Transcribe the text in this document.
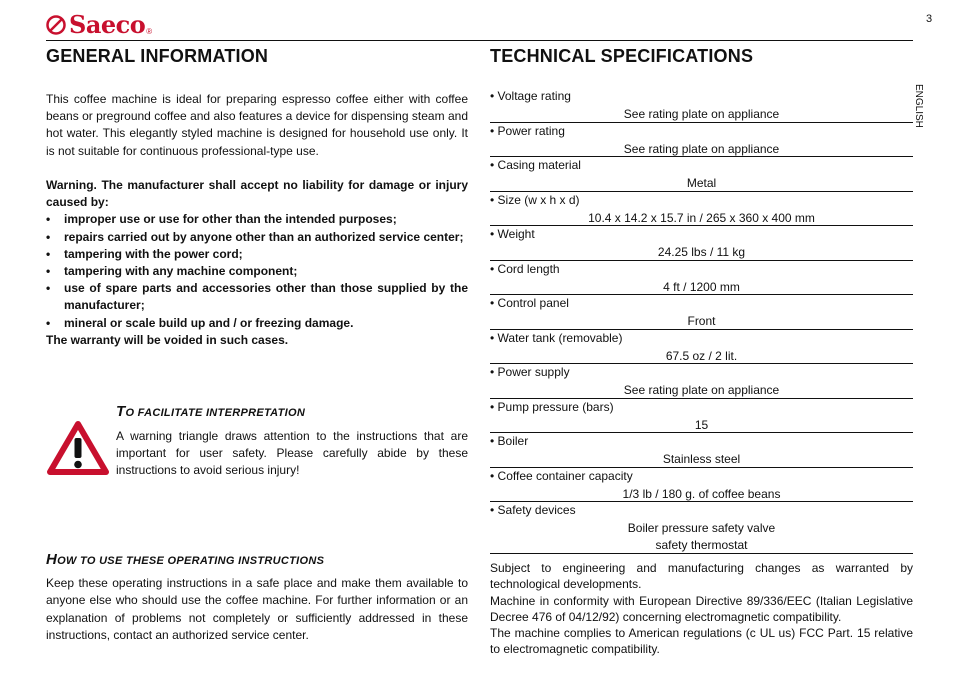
Saeco ®
3
ENGLISH
GENERAL INFORMATION
This coffee machine is ideal for preparing espresso coffee either with coffee beans or preground coffee and also features a device for dispensing steam and hot water. This elegantly styled machine is designed for household use only. It is not suitable for continuous professional-type use.
Warning. The manufacturer shall accept no liability for damage or injury caused by:
• improper use or use for other than the intended purposes;
• repairs carried out by anyone other than an authorized service center;
• tampering with the power cord;
• tampering with any machine component;
• use of spare parts and accessories other than those supplied by the manufacturer;
• mineral or scale build up and / or freezing damage.
The warranty will be voided in such cases.
TO FACILITATE INTERPRETATION
A warning triangle draws attention to the instructions that are important for user safety. Please carefully abide by these instructions to avoid serious injury!
HOW TO USE THESE OPERATING INSTRUCTIONS
Keep these operating instructions in a safe place and make them available to anyone else who should use the coffee machine. For further information or an explanation of problems not completely or sufficiently addressed in these instructions, contact an authorized service center.
TECHNICAL SPECIFICATIONS
• Voltage rating
See rating plate on appliance
• Power rating
See rating plate on appliance
• Casing material
Metal
• Size (w x h x d)
10.4 x 14.2 x 15.7 in / 265 x 360 x 400 mm
• Weight
24.25 lbs / 11 kg
• Cord length
4 ft / 1200 mm
• Control panel
Front
• Water tank (removable)
67.5 oz / 2 lit.
• Power supply
See rating plate on appliance
• Pump pressure (bars)
15
• Boiler
Stainless steel
• Coffee container capacity
1/3 lb / 180 g. of coffee beans
• Safety devices
Boiler pressure safety valve
safety thermostat

Subject to engineering and manufacturing changes as warranted by technological developments.

Machine in conformity with European Directive 89/336/EEC (Italian Legislative Decree 476 of 04/12/92) concerning electromagnetic compatibility.

The machine complies to American regulations (c UL us) FCC Part. 15 relative to electromagnetic compatibility.
